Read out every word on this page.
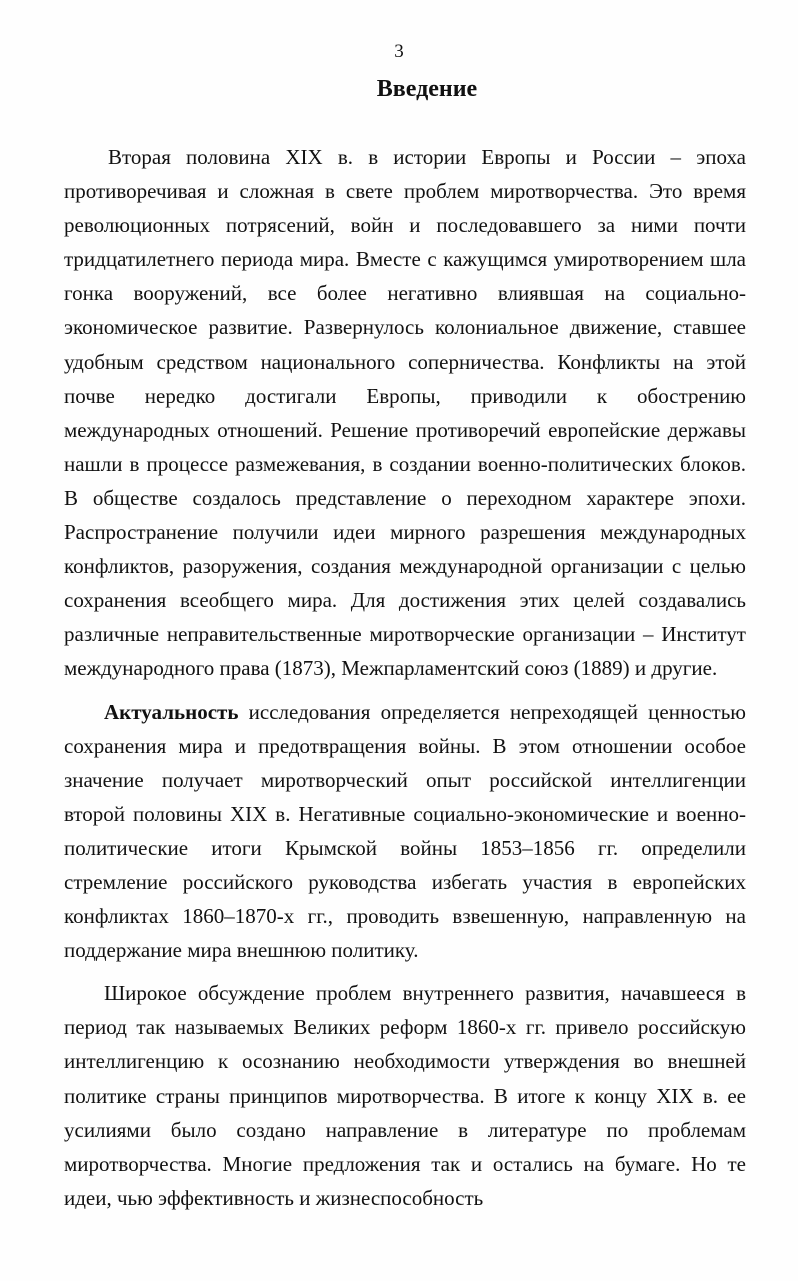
3
Введение

Вторая половина XIX в. в истории Европы и России – эпоха противоречивая и сложная в свете проблем миротворчества. Это время революционных потрясений, войн и последовавшего за ними почти тридцатилетнего периода мира. Вместе с кажущимся умиротворением шла гонка вооружений, все более негативно влиявшая на социально-экономическое развитие. Развернулось колониальное движение, ставшее удобным средством национального соперничества. Конфликты на этой почве нередко достигали Европы, приводили к обострению международных отношений. Решение противоречий европейские державы нашли в процессе размежевания, в создании военно-политических блоков. В обществе создалось представление о переходном характере эпохи. Распространение получили идеи мирного разрешения международных конфликтов, разоружения, создания международной организации с целью сохранения всеобщего мира. Для достижения этих целей создавались различные неправительственные миротворческие организации – Институт международного права (1873), Межпарламентский союз (1889) и другие.

Актуальность исследования определяется непреходящей ценностью сохранения мира и предотвращения войны. В этом отношении особое значение получает миротворческий опыт российской интеллигенции второй половины XIX в. Негативные социально-экономические и военно-политические итоги Крымской войны 1853–1856 гг. определили стремление российского руководства избегать участия в европейских конфликтах 1860–1870-х гг., проводить взвешенную, направленную на поддержание мира внешнюю политику.

Широкое обсуждение проблем внутреннего развития, начавшееся в период так называемых Великих реформ 1860-х гг. привело российскую интеллигенцию к осознанию необходимости утверждения во внешней политике страны принципов миротворчества. В итоге к концу XIX в. ее усилиями было создано направление в литературе по проблемам миротворчества. Многие предложения так и остались на бумаге. Но те идеи, чью эффективность и жизнеспособность
